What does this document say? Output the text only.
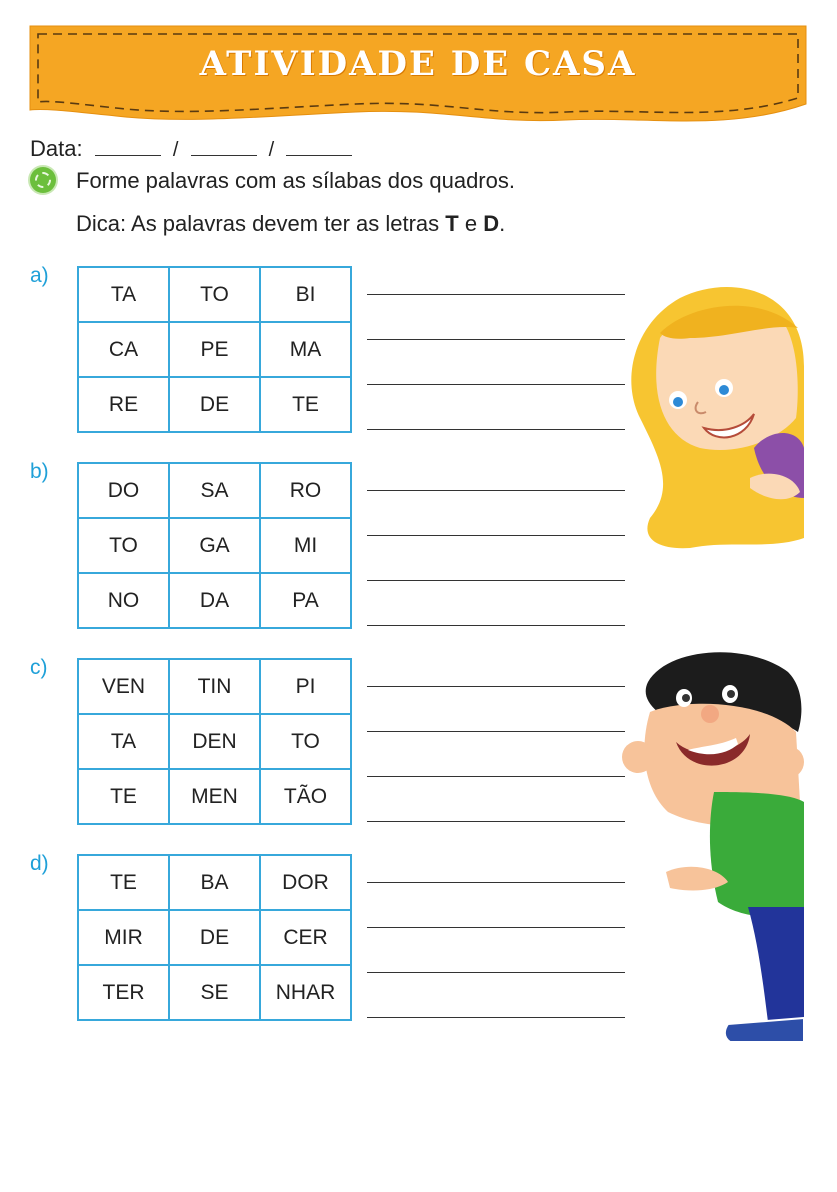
ATIVIDADE DE CASA
Data:	/	/
Forme palavras com as sílabas dos quadros.
Dica: As palavras devem ter as letras T e D.
a)
TA	TO	BI
CA	PE	MA
RE	DE	TE
b)
DO	SA	RO
TO	GA	MI
NO	DA	PA
c)
VEN	TIN	PI
TA	DEN	TO
TE	MEN	TÃO
d)
TE	BA	DOR
MIR	DE	CER
TER	SE	NHAR
